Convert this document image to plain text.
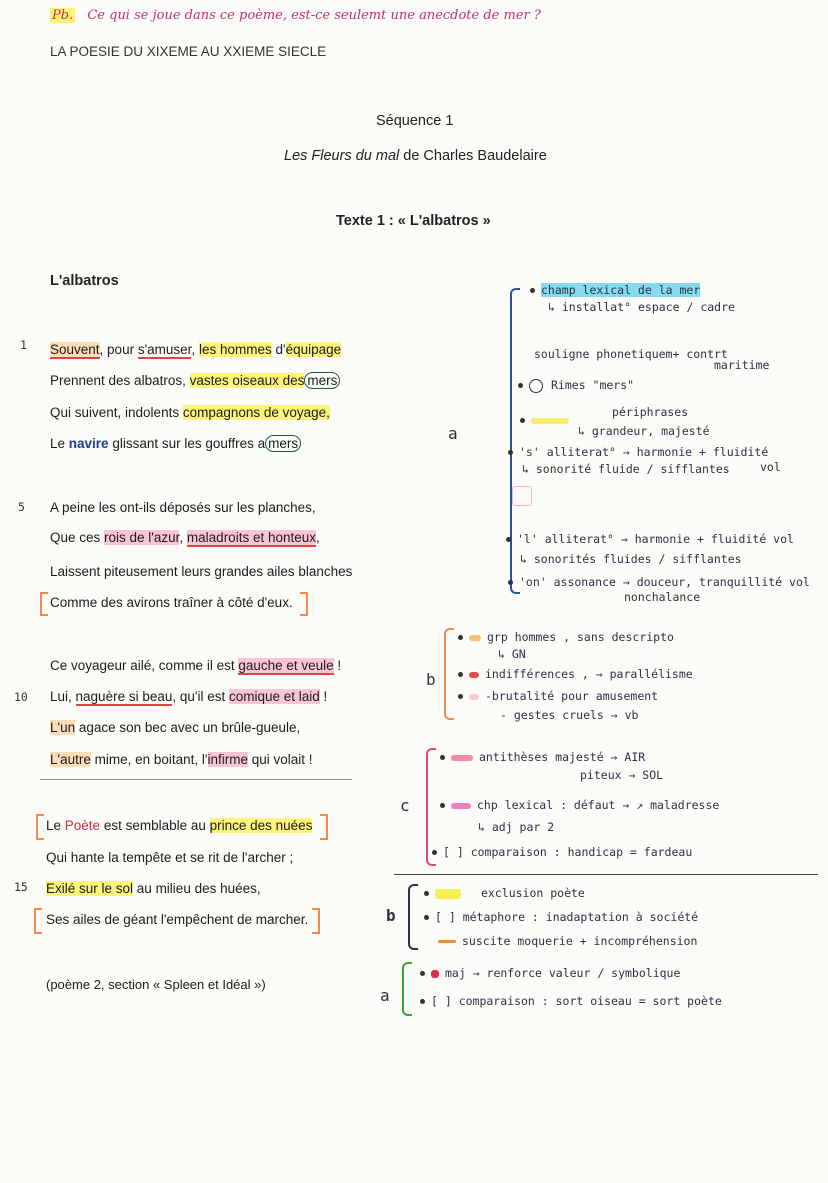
Pb. Ce qui se joue dans ce poème, est-ce seulemt une anecdote de mer ?
LA POESIE DU XIXEME AU XXIEME SIECLE
Séquence 1
Les Fleurs du mal de Charles Baudelaire
Texte 1 : « L'albatros »
L'albatros
1
5
10
15
Souvent, pour s'amuser, les hommes d'équipage
Prennent des albatros, vastes oiseaux des mers
Qui suivent, indolents compagnons de voyage,
Le navire glissant sur les gouffres a mers
A peine les ont-ils déposés sur les planches,
Que ces rois de l'azur, maladroits et honteux,
Laissent piteusement leurs grandes ailes blanches
Comme des avirons traîner à côté d'eux.
Ce voyageur ailé, comme il est gauche et veule !
Lui, naguère si beau, qu'il est comique et laid !
L'un agace son bec avec un brûle-gueule,
L'autre mime, en boitant, l'infirme qui volait !
Le Poète est semblable au prince des nuées
Qui hante la tempête et se rit de l'archer ;
Exilé sur le sol au milieu des huées,
Ses ailes de géant l'empêchent de marcher.
(poème 2, section « Spleen et Idéal »)
champ lexical de la mer
↳ installat° espace / cadre
souligne phonetiquem+ contrt
maritime
Rimes "mers"
périphrases
↳ grandeur, majesté
's' alliterat° → harmonie + fluidité
↳ sonorité fluide / sifflantes	vol
'l' alliterat° → harmonie + fluidité vol
↳ sonorités fluides / sifflantes
'on' assonance → douceur, tranquillité vol
nonchalance
a
b
grp hommes , sans descripto
↳ GN
indifférences , → parallélisme
-brutalité pour amusement
- gestes cruels → vb
c
antithèses majesté → AIR
piteux → SOL
chp lexical : défaut → ↗ maladresse
↳ adj par 2
[ ] comparaison : handicap = fardeau
b
exclusion poète
[ ] métaphore : inadaptation à société
suscite moquerie + incompréhension
a
maj → renforce valeur / symbolique
[ ] comparaison : sort oiseau = sort poète
